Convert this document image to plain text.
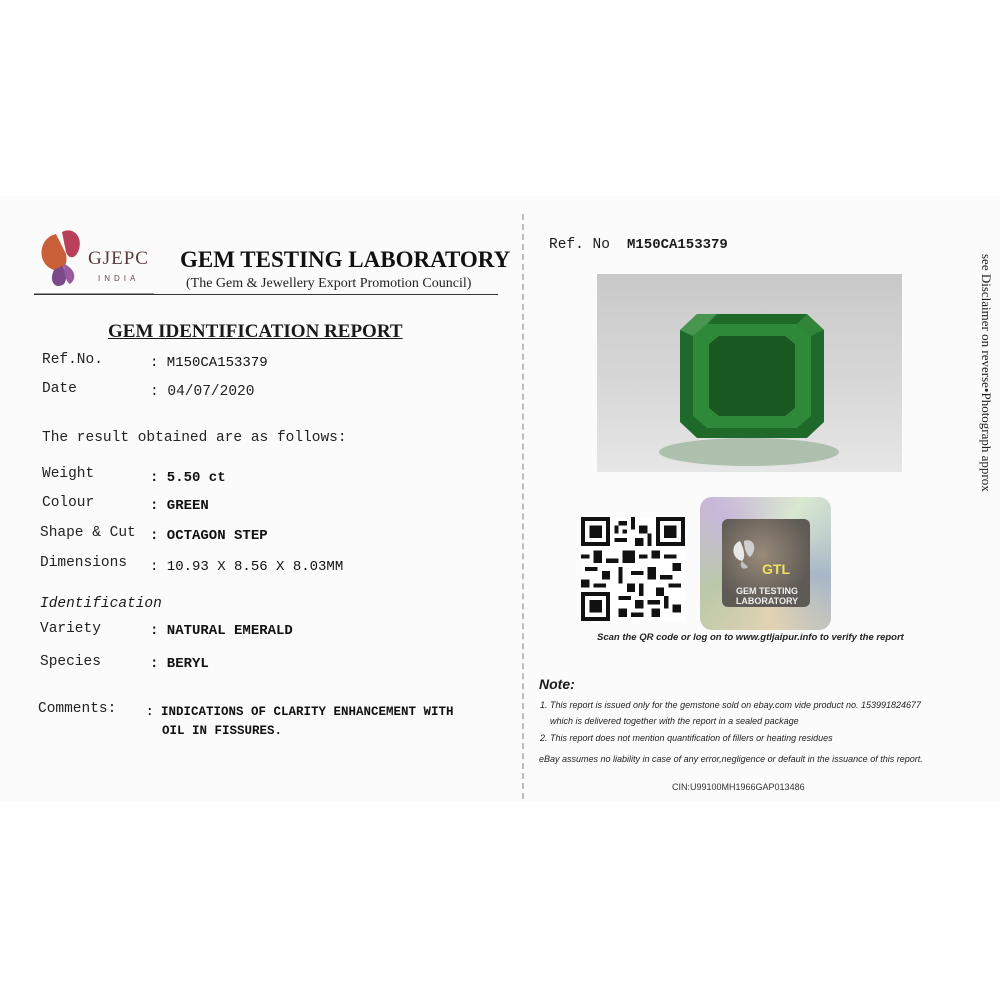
GJEPC
INDIA
GEM TESTING LABORATORY
(The Gem & Jewellery Export Promotion Council)
GEM IDENTIFICATION REPORT
Ref.No.	: M150CA153379
Date	: 04/07/2020
The result obtained are as follows:
Weight	: 5.50 ct
Colour	: GREEN
Shape & Cut : OCTAGON STEP
Dimensions : 10.93 X 8.56 X 8.03MM
Identification
Variety	: NATURAL EMERALD
Species	: BERYL
Comments: : INDICATIONS OF CLARITY ENHANCEMENT WITH
OIL IN FISSURES.
Ref. No M150CA153379
GTL
GEM TESTING
LABORATORY
Scan the QR code or log on to www.gtljaipur.info to verify the report
Note:
1. This report is issued only for the gemstone sold on ebay.com vide product no. 153991824677
which is delivered together with the report in a sealed package
2. This report does not mention quantification of fillers or heating residues
eBay assumes no liability in case of any error,negligence or default in the issuance of this report.
CIN:U99100MH1966GAP013486
see Disclaimer on reverse•Photograph approx
